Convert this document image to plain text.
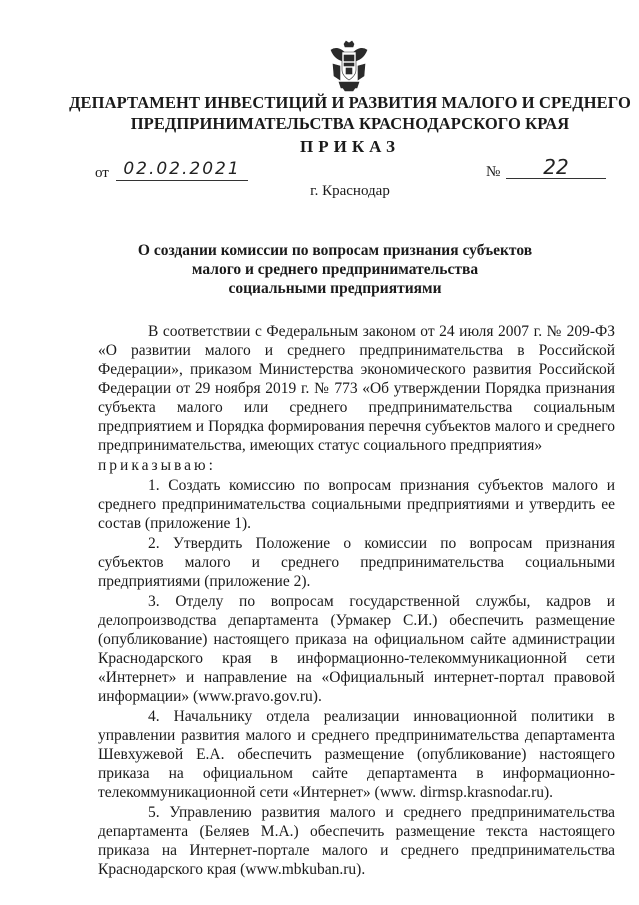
ДЕПАРТАМЕНТ ИНВЕСТИЦИЙ И РАЗВИТИЯ МАЛОГО И СРЕДНЕГО
ПРЕДПРИНИМАТЕЛЬСТВА КРАСНОДАРСКОГО КРАЯ
ПРИКАЗ
от 02.02.2021	№	22
г. Краснодар
О создании комиссии по вопросам признания субъектов
малого и среднего предпринимательства
социальными предприятиями

В соответствии с Федеральным законом от 24 июля 2007 г. № 209-ФЗ «О развитии малого и среднего предпринимательства в Российской Федерации», приказом Министерства экономического развития Российской Федерации от 29 ноября 2019 г. № 773 «Об утверждении Порядка признания субъекта малого или среднего предпринимательства социальным предприятием и Порядка формирования перечня субъектов малого и среднего предпринимательства, имеющих статус социального предприятия»

приказываю:

1. Создать комиссию по вопросам признания субъектов малого и среднего предпринимательства социальными предприятиями и утвердить ее состав (приложение 1).

2. Утвердить Положение о комиссии по вопросам признания субъектов малого и среднего предпринимательства социальными предприятиями (приложение 2).

3. Отделу по вопросам государственной службы, кадров и делопроизводства департамента (Урмакер С.И.) обеспечить размещение (опубликование) настоящего приказа на официальном сайте администрации Краснодарского края в информационно-телекоммуникационной сети «Интернет» и направление на «Официальный интернет-портал правовой информации» (www.pravo.gov.ru).

4. Начальнику отдела реализации инновационной политики в управлении развития малого и среднего предпринимательства департамента Шевхужевой Е.А. обеспечить размещение (опубликование) настоящего приказа на официальном сайте департамента в информационно-телекоммуникационной сети «Интернет» (www. dirmsp.krasnodar.ru).

5. Управлению развития малого и среднего предпринимательства департамента (Беляев М.А.) обеспечить размещение текста настоящего приказа на Интернет-портале малого и среднего предпринимательства Краснодарского края (www.mbkuban.ru).
